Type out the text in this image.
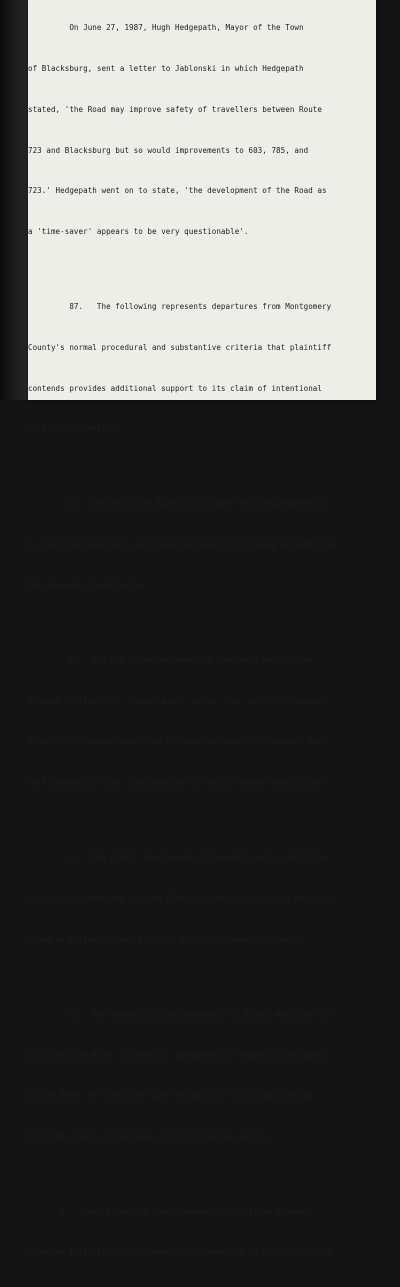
On June 27, 1987, Hugh Hedgepath, Mayor of the Town

of Blacksburg, sent a letter to Jablonski in which Hedgepath

stated, 'the Road may improve safety of travellers between Route

723 and Blacksburg but so would improvements to 603, 785, and

723.' Hedgepath went on to state, 'the development of the Road as

a 'time-saver' appears to be very questionable'.

87.   The following represents departures from Montgomery

County's normal procedural and substantive criteria that plaintiff

contends provides additional support to its claim of intentional

race discrimination.

a.   Nellie's Cave Road did not meet the requirements of

a rural road addition, which was the basis of it being brought into

the Secondary Road System.

b.   The use of secret meetings that were held at the

private  offices  of  Draper-Aden,  which  had  direct  financial

interests in places submitted for approval and which owned a one-

half interest in EVP, the developer of the proposed subdivisions.

c.   The direct involvement of Joseph Draper in both the

Subdivision Committee and the Planning Commission, during which he

voted on matters in which he had a direct financial interest.

d.   The request by the defendants to Draper-Aden and EVP

to survey the Road; to identify landowners of property contiguous

to the Road; to stake the right-of-way; and to provide grading,

fill and drain, of the Road at no cost to the County.

e.   The refusal of the defendants to initiate or even

threaten initiation of condemnation proceedings to obtain right-of-
